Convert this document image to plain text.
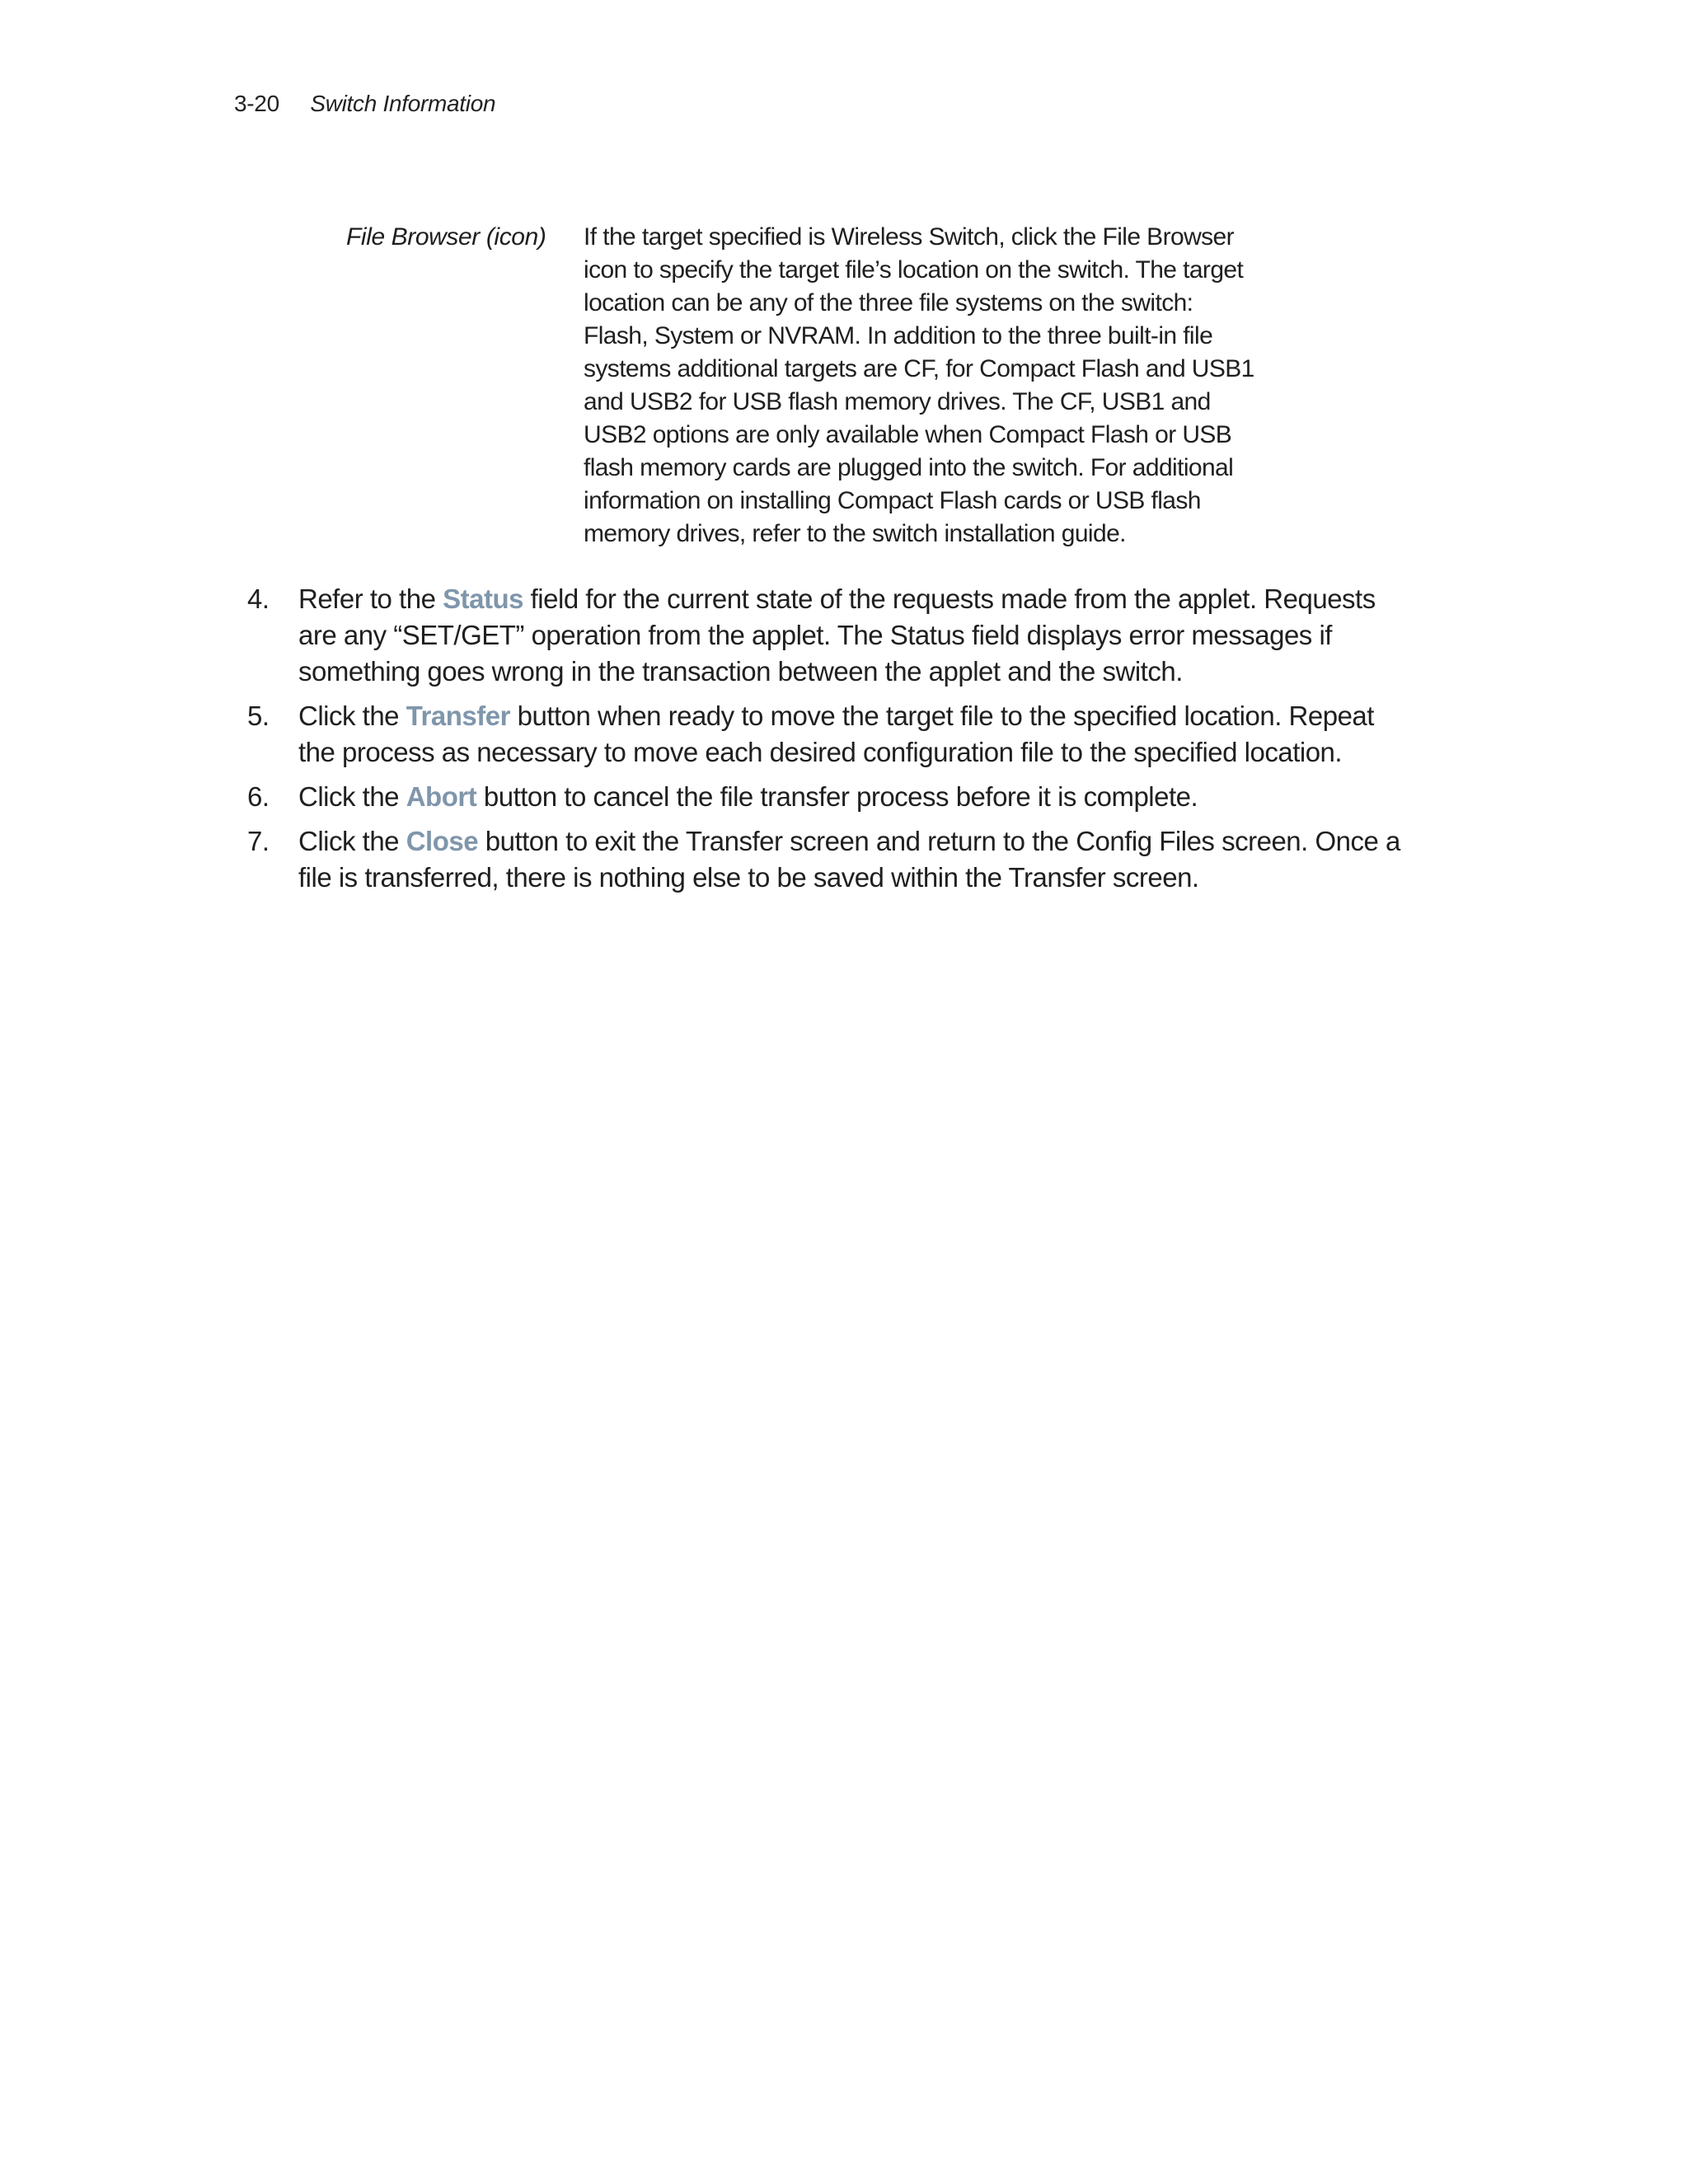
3-20 Switch Information
File Browser (icon) If the target specified is Wireless Switch, click the File Browser icon to specify the target file’s location on the switch. The target location can be any of the three file systems on the switch: Flash, System or NVRAM. In addition to the three built-in file systems additional targets are CF, for Compact Flash and USB1 and USB2 for USB flash memory drives. The CF, USB1 and USB2 options are only available when Compact Flash or USB flash memory cards are plugged into the switch. For additional information on installing Compact Flash cards or USB flash memory drives, refer to the switch installation guide.
4. Refer to the Status field for the current state of the requests made from the applet. Requests are any “SET/GET” operation from the applet. The Status field displays error messages if something goes wrong in the transaction between the applet and the switch.
5. Click the Transfer button when ready to move the target file to the specified location. Repeat the process as necessary to move each desired configuration file to the specified location.
6. Click the Abort button to cancel the file transfer process before it is complete.
7. Click the Close button to exit the Transfer screen and return to the Config Files screen. Once a file is transferred, there is nothing else to be saved within the Transfer screen.
